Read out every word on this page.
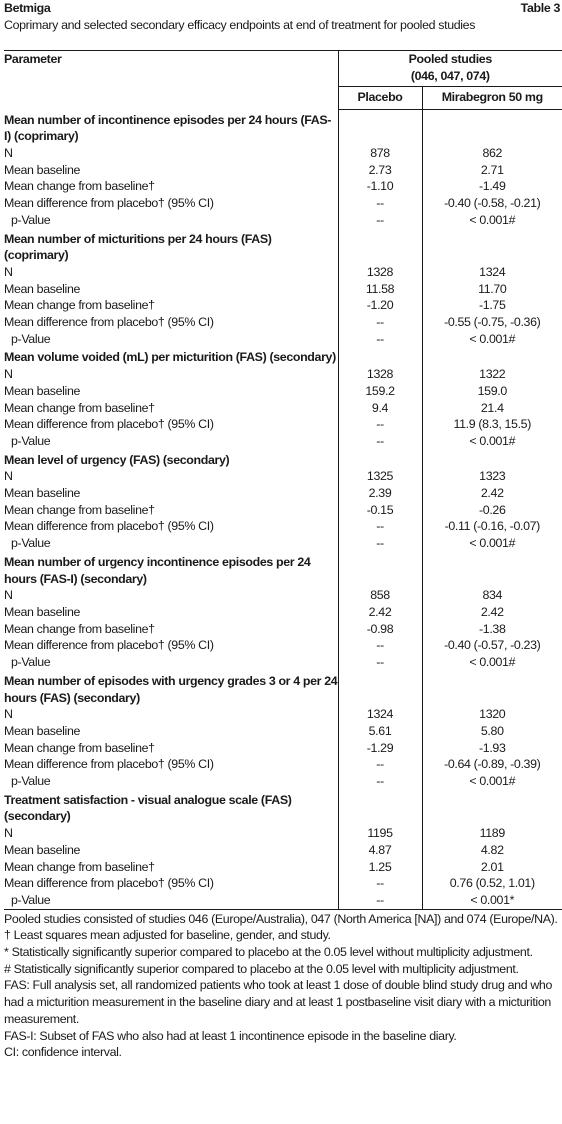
Betmiga	Table 3
Coprimary and selected secondary efficacy endpoints at end of treatment for pooled studies
Parameter	Pooled studies
(046, 047, 074)	

	Placebo	Mirabegron 50 mg
Mean number of incontinence episodes per 24 hours (FAS-I) (coprimary)		
N	878	862
Mean baseline	2.73	2.71
Mean change from baseline†	-1.10	-1.49
Mean difference from placebo† (95% CI)	--	-0.40 (-0.58, -0.21)
p-Value	--	< 0.001#
Mean number of micturitions per 24 hours (FAS) (coprimary)		
N	1328	1324
Mean baseline	11.58	11.70
Mean change from baseline†	-1.20	-1.75
Mean difference from placebo† (95% CI)	--	-0.55 (-0.75, -0.36)
p-Value	--	< 0.001#
Mean volume voided (mL) per micturition (FAS) (secondary)		
N	1328	1322
Mean baseline	159.2	159.0
Mean change from baseline†	9.4	21.4
Mean difference from placebo† (95% CI)	--	11.9 (8.3, 15.5)
p-Value	--	< 0.001#
Mean level of urgency (FAS) (secondary)		
N	1325	1323
Mean baseline	2.39	2.42
Mean change from baseline†	-0.15	-0.26
Mean difference from placebo† (95% CI)	--	-0.11 (-0.16, -0.07)
p-Value	--	< 0.001#
Mean number of urgency incontinence episodes per 24 hours (FAS-I) (secondary)		
N	858	834
Mean baseline	2.42	2.42
Mean change from baseline†	-0.98	-1.38
Mean difference from placebo† (95% CI)	--	-0.40 (-0.57, -0.23)
p-Value	--	< 0.001#
Mean number of episodes with urgency grades 3 or 4 per 24 hours (FAS) (secondary)		
N	1324	1320
Mean baseline	5.61	5.80
Mean change from baseline†	-1.29	-1.93
Mean difference from placebo† (95% CI)	--	-0.64 (-0.89, -0.39)
p-Value	--	< 0.001#
Treatment satisfaction - visual analogue scale (FAS) (secondary)		
N	1195	1189
Mean baseline	4.87	4.82
Mean change from baseline†	1.25	2.01
Mean difference from placebo† (95% CI)	--	0.76 (0.52, 1.01)
p-Value	--	< 0.001*

Pooled studies consisted of studies 046 (Europe/Australia), 047 (North America [NA]) and 074 (Europe/NA).

† Least squares mean adjusted for baseline, gender, and study.

* Statistically significantly superior compared to placebo at the 0.05 level without multiplicity adjustment.

# Statistically significantly superior compared to placebo at the 0.05 level with multiplicity adjustment.

FAS: Full analysis set, all randomized patients who took at least 1 dose of double blind study drug and who had a micturition measurement in the baseline diary and at least 1 postbaseline visit diary with a micturition measurement.

FAS-I: Subset of FAS who also had at least 1 incontinence episode in the baseline diary.

CI: confidence interval.
